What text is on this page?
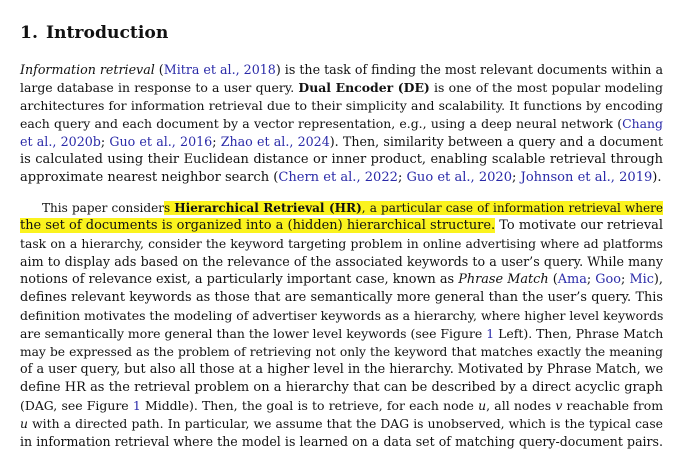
1. Introduction
Information retrieval (Mitra et al., 2018) is the task of finding the most relevant documents within a
large database in response to a user query. Dual Encoder (DE) is one of the most popular modeling
architectures for information retrieval due to their simplicity and scalability. It functions by encoding
each query and each document by a vector representation, e.g., using a deep neural network (Chang
et al., 2020b; Guo et al., 2016; Zhao et al., 2024). Then, similarity between a query and a document
is calculated using their Euclidean distance or inner product, enabling scalable retrieval through
approximate nearest neighbor search (Chern et al., 2022; Guo et al., 2020; Johnson et al., 2019).
This paper considers Hierarchical Retrieval (HR), a particular case of information retrieval where
the set of documents is organized into a (hidden) hierarchical structure. To motivate our retrieval
task on a hierarchy, consider the keyword targeting problem in online advertising where ad platforms
aim to display ads based on the relevance of the associated keywords to a user’s query. While many
notions of relevance exist, a particularly important case, known as Phrase Match (Ama; Goo; Mic),
defines relevant keywords as those that are semantically more general than the user’s query. This
definition motivates the modeling of advertiser keywords as a hierarchy, where higher level keywords
are semantically more general than the lower level keywords (see Figure 1 Left). Then, Phrase Match
may be expressed as the problem of retrieving not only the keyword that matches exactly the meaning
of a user query, but also all those at a higher level in the hierarchy. Motivated by Phrase Match, we
define HR as the retrieval problem on a hierarchy that can be described by a direct acyclic graph
(DAG, see Figure 1 Middle). Then, the goal is to retrieve, for each node u, all nodes v reachable from
u with a directed path. In particular, we assume that the DAG is unobserved, which is the typical case
in information retrieval where the model is learned on a data set of matching query-document pairs.
